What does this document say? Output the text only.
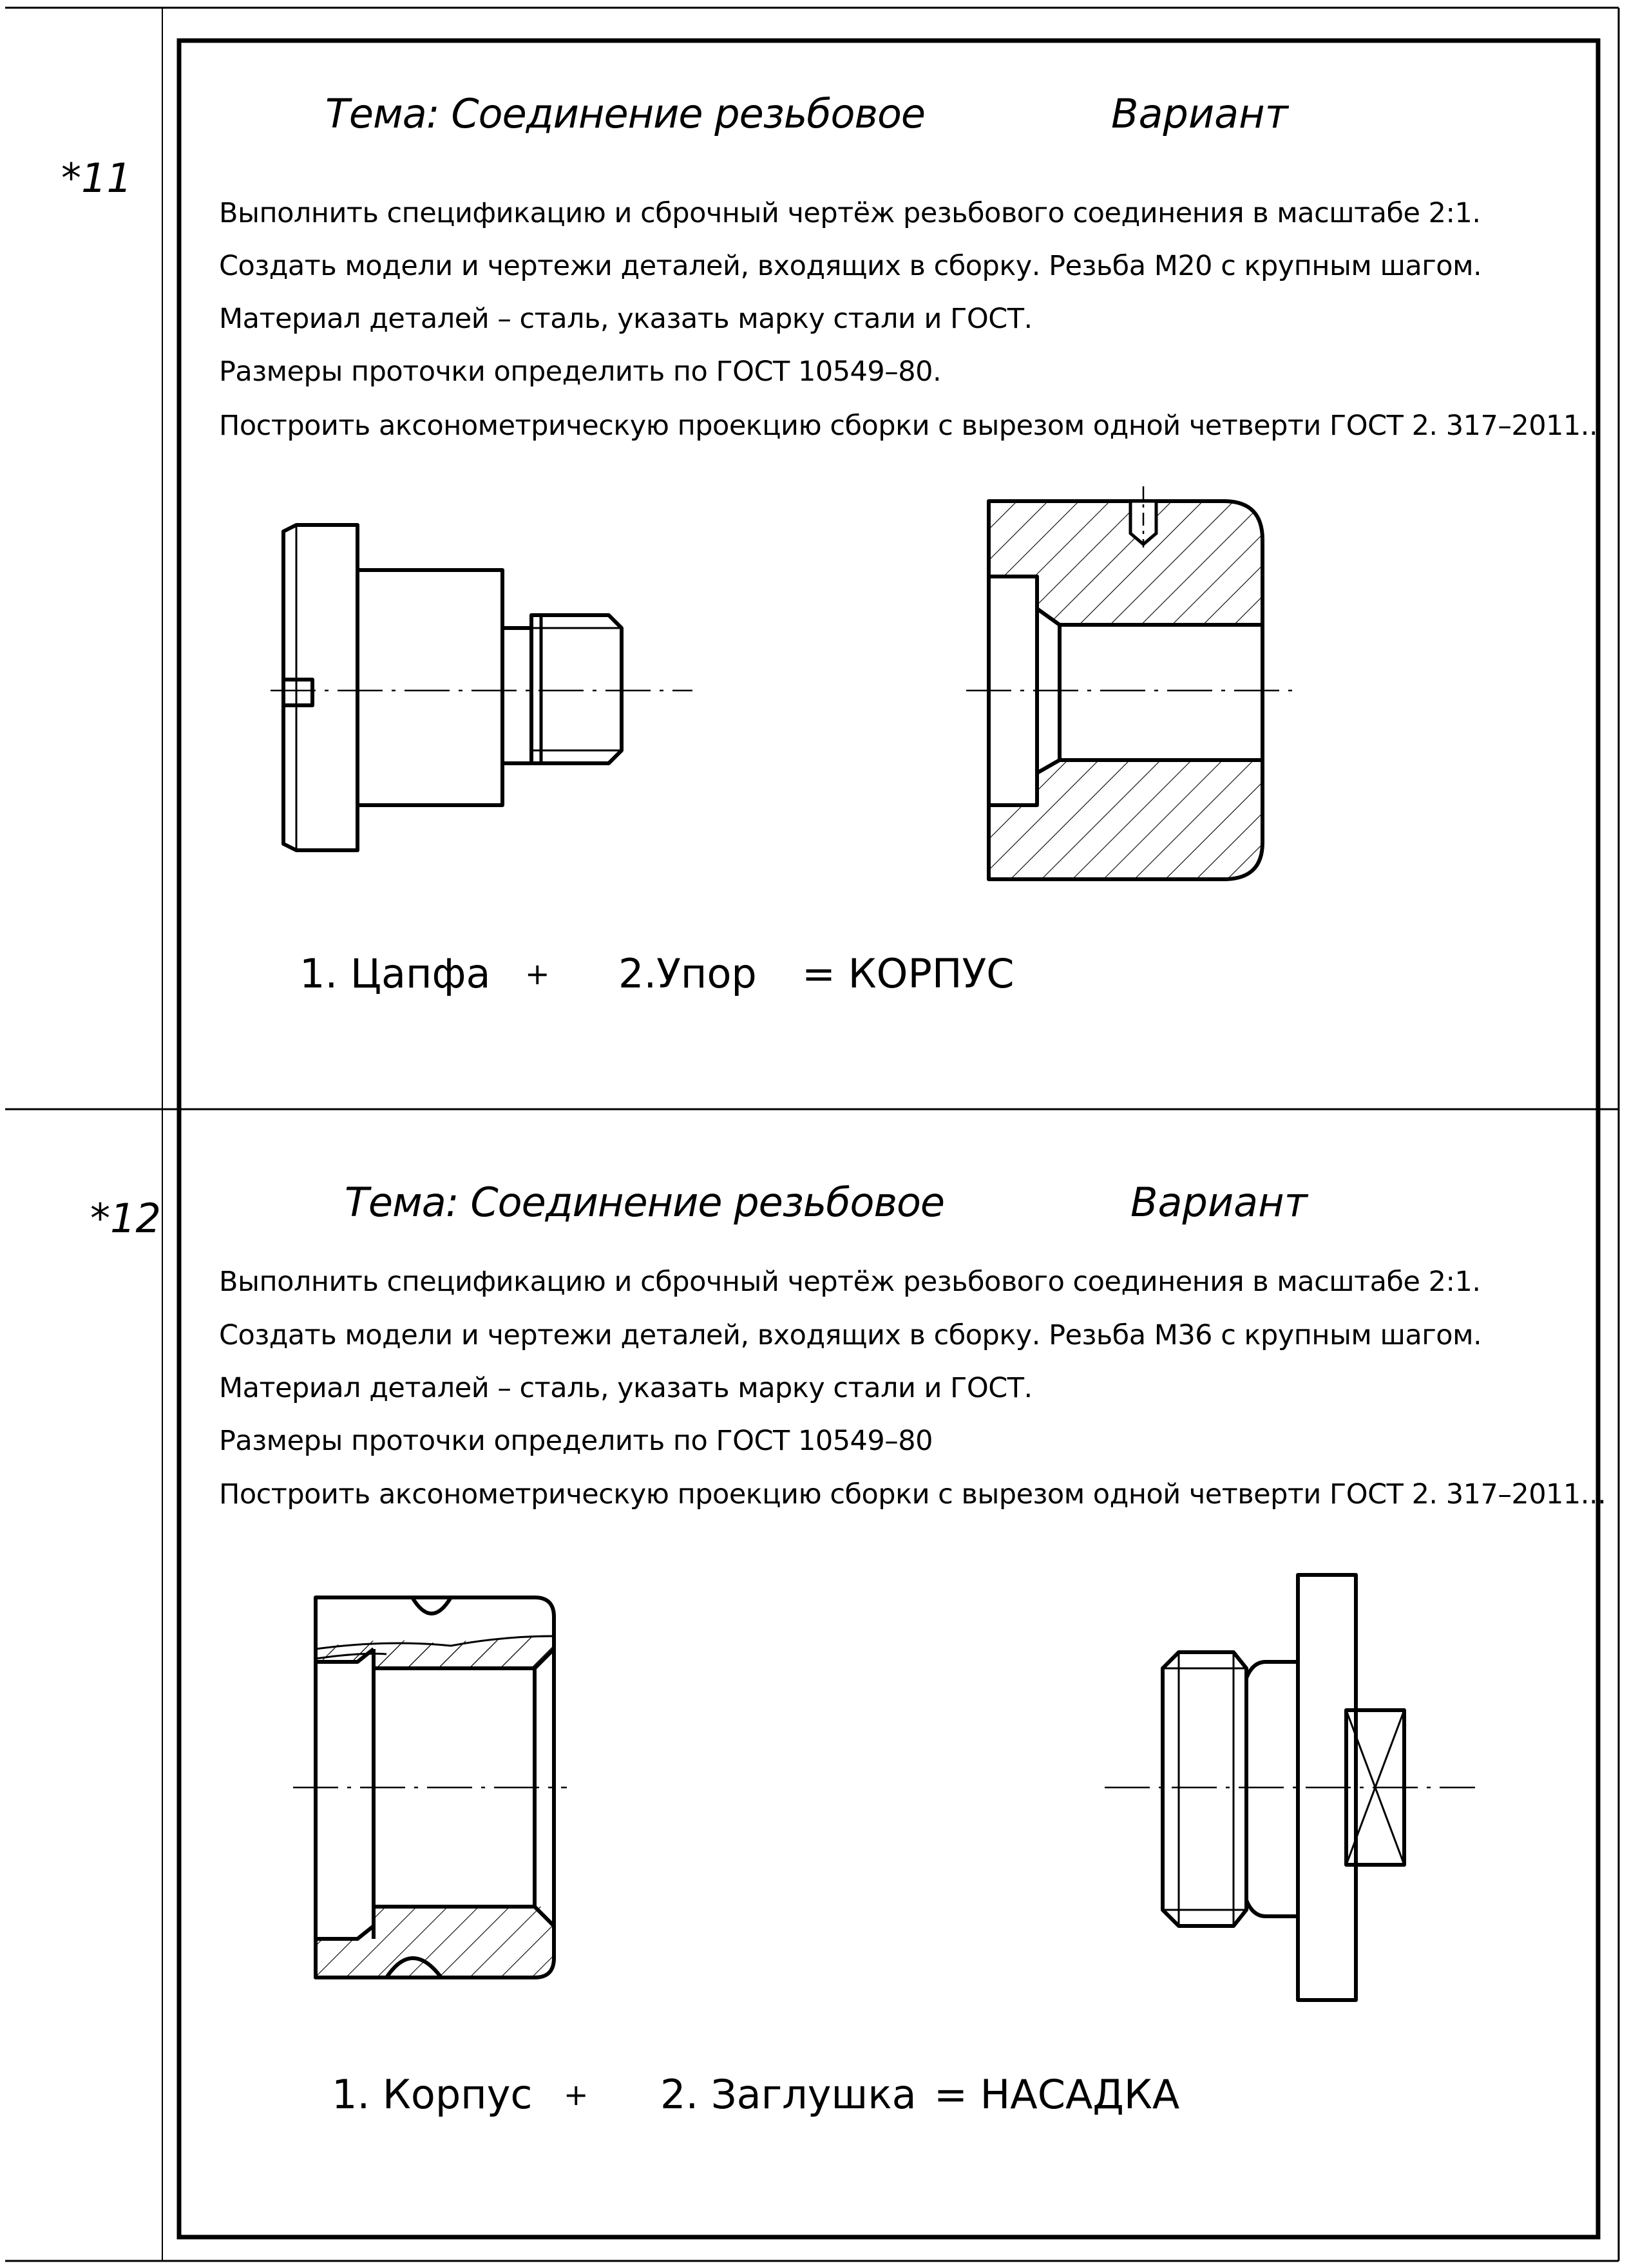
*11
Тема: Соединение резьбовое	Вариант
Выполнить спецификацию и сброчный чертёж резьбового соединения в масштабе 2:1.
Создать модели и чертежи деталей, входящих в сборку. Резьба М20 с крупным шагом.
Материал деталей – сталь, указать марку стали и ГОСТ.
Размеры проточки определить по ГОСТ 10549–80.
Построить аксонометрическую проекцию сборки с вырезом одной четверти ГОСТ 2. 317–2011..
1. Цапфа + 2.Упор = КОРПУС
*12	Тема: Соединение резьбовое	Вариант
Выполнить спецификацию и сброчный чертёж резьбового соединения в масштабе 2:1.
Создать модели и чертежи деталей, входящих в сборку. Резьба М36 с крупным шагом.
Материал деталей – сталь, указать марку стали и ГОСТ.
Размеры проточки определить по ГОСТ 10549–80
Построить аксонометрическую проекцию сборки с вырезом одной четверти ГОСТ 2. 317–2011...
1. Корпус + 2. Заглушка = НАСАДКА
